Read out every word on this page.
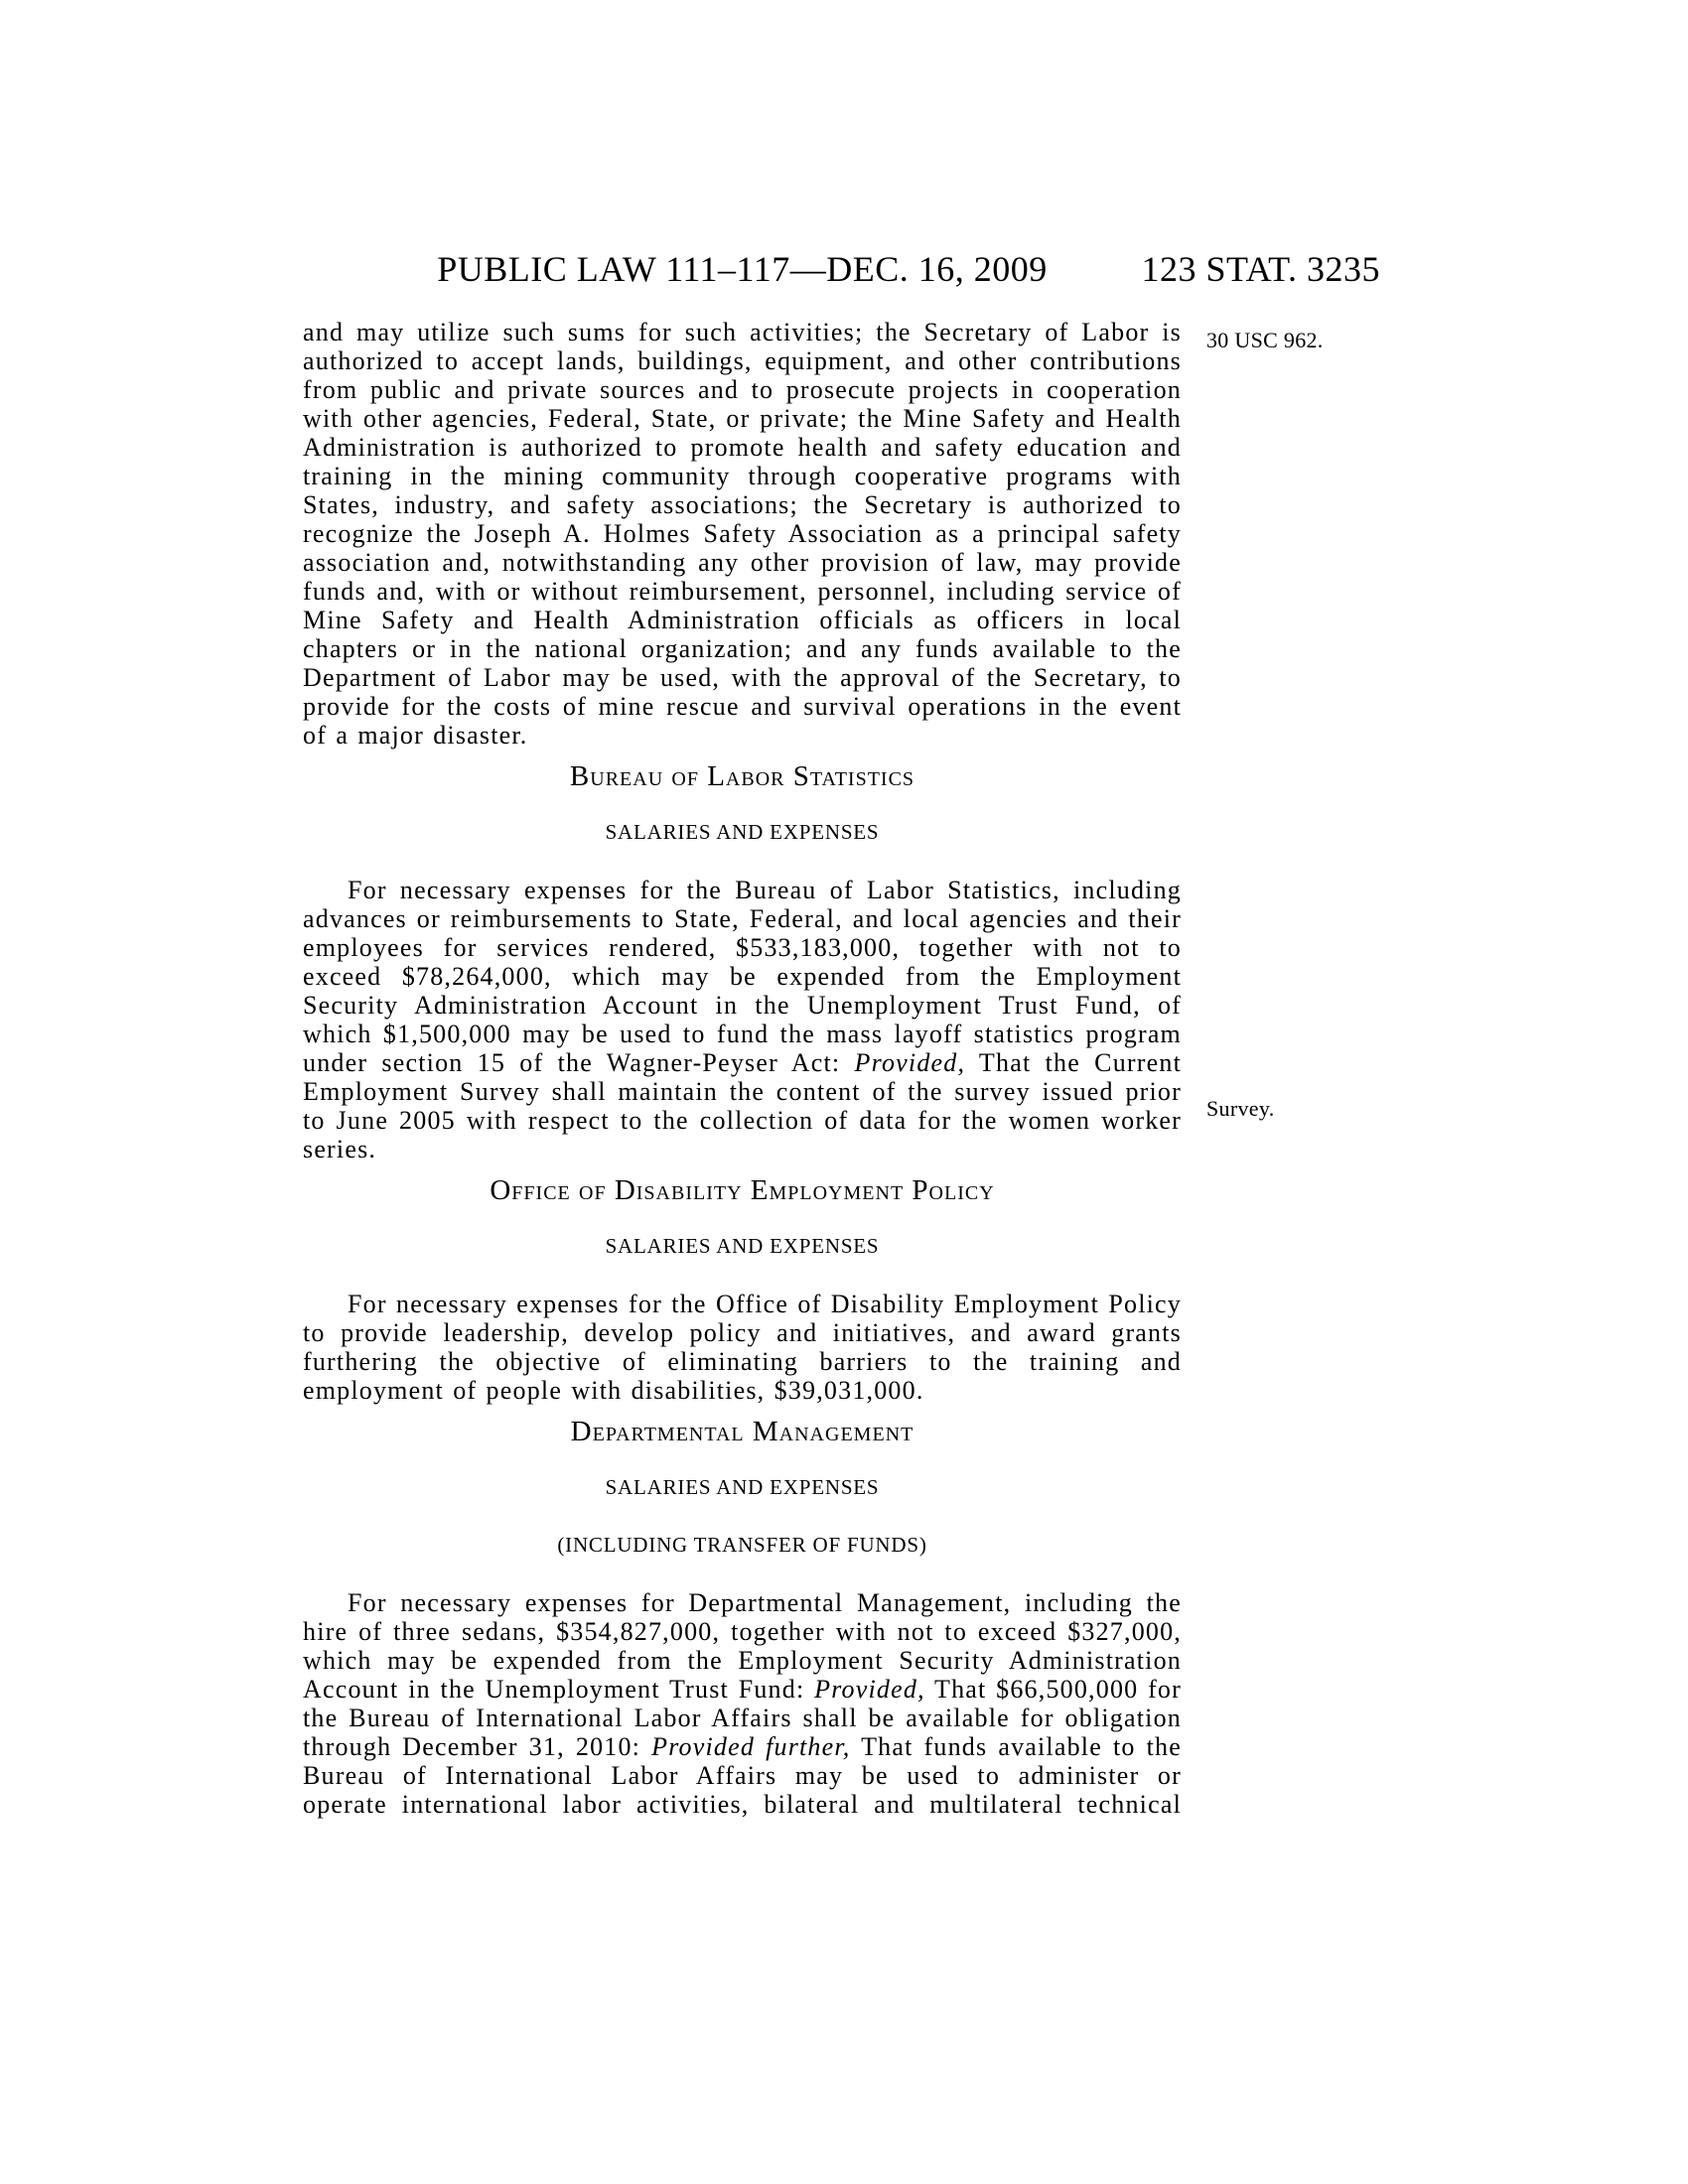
PUBLIC LAW 111–117—DEC. 16, 2009	123 STAT. 3235

and may utilize such sums for such activities; the Secretary of Labor is authorized to accept lands, buildings, equipment, and other contributions from public and private sources and to prosecute projects in cooperation with other agencies, Federal, State, or private; the Mine Safety and Health Administration is authorized to promote health and safety education and training in the mining community through cooperative programs with States, industry, and safety associations; the Secretary is authorized to recognize the Joseph A. Holmes Safety Association as a principal safety association and, notwithstanding any other provision of law, may provide funds and, with or without reimbursement, personnel, including service of Mine Safety and Health Administration officials as officers in local chapters or in the national organization; and any funds available to the Department of Labor may be used, with the approval of the Secretary, to provide for the costs of mine rescue and survival operations in the event of a major disaster.

Bureau of Labor Statistics
SALARIES AND EXPENSES

For necessary expenses for the Bureau of Labor Statistics, including advances or reimbursements to State, Federal, and local agencies and their employees for services rendered, $533,183,000, together with not to exceed $78,264,000, which may be expended from the Employment Security Administration Account in the Unemployment Trust Fund, of which $1,500,000 may be used to fund the mass layoff statistics program under section 15 of the Wagner-Peyser Act: Provided, That the Current Employment Survey shall maintain the content of the survey issued prior to June 2005 with respect to the collection of data for the women worker series.

Office of Disability Employment Policy
SALARIES AND EXPENSES

For necessary expenses for the Office of Disability Employment Policy to provide leadership, develop policy and initiatives, and award grants furthering the objective of eliminating barriers to the training and employment of people with disabilities, $39,031,000.

Departmental Management
SALARIES AND EXPENSES
(INCLUDING TRANSFER OF FUNDS)

For necessary expenses for Departmental Management, including the hire of three sedans, $354,827,000, together with not to exceed $327,000, which may be expended from the Employment Security Administration Account in the Unemployment Trust Fund: Provided, That $66,500,000 for the Bureau of International Labor Affairs shall be available for obligation through December 31, 2010: Provided further, That funds available to the Bureau of International Labor Affairs may be used to administer or operate international labor activities, bilateral and multilateral technical

30 USC 962.
Survey.
